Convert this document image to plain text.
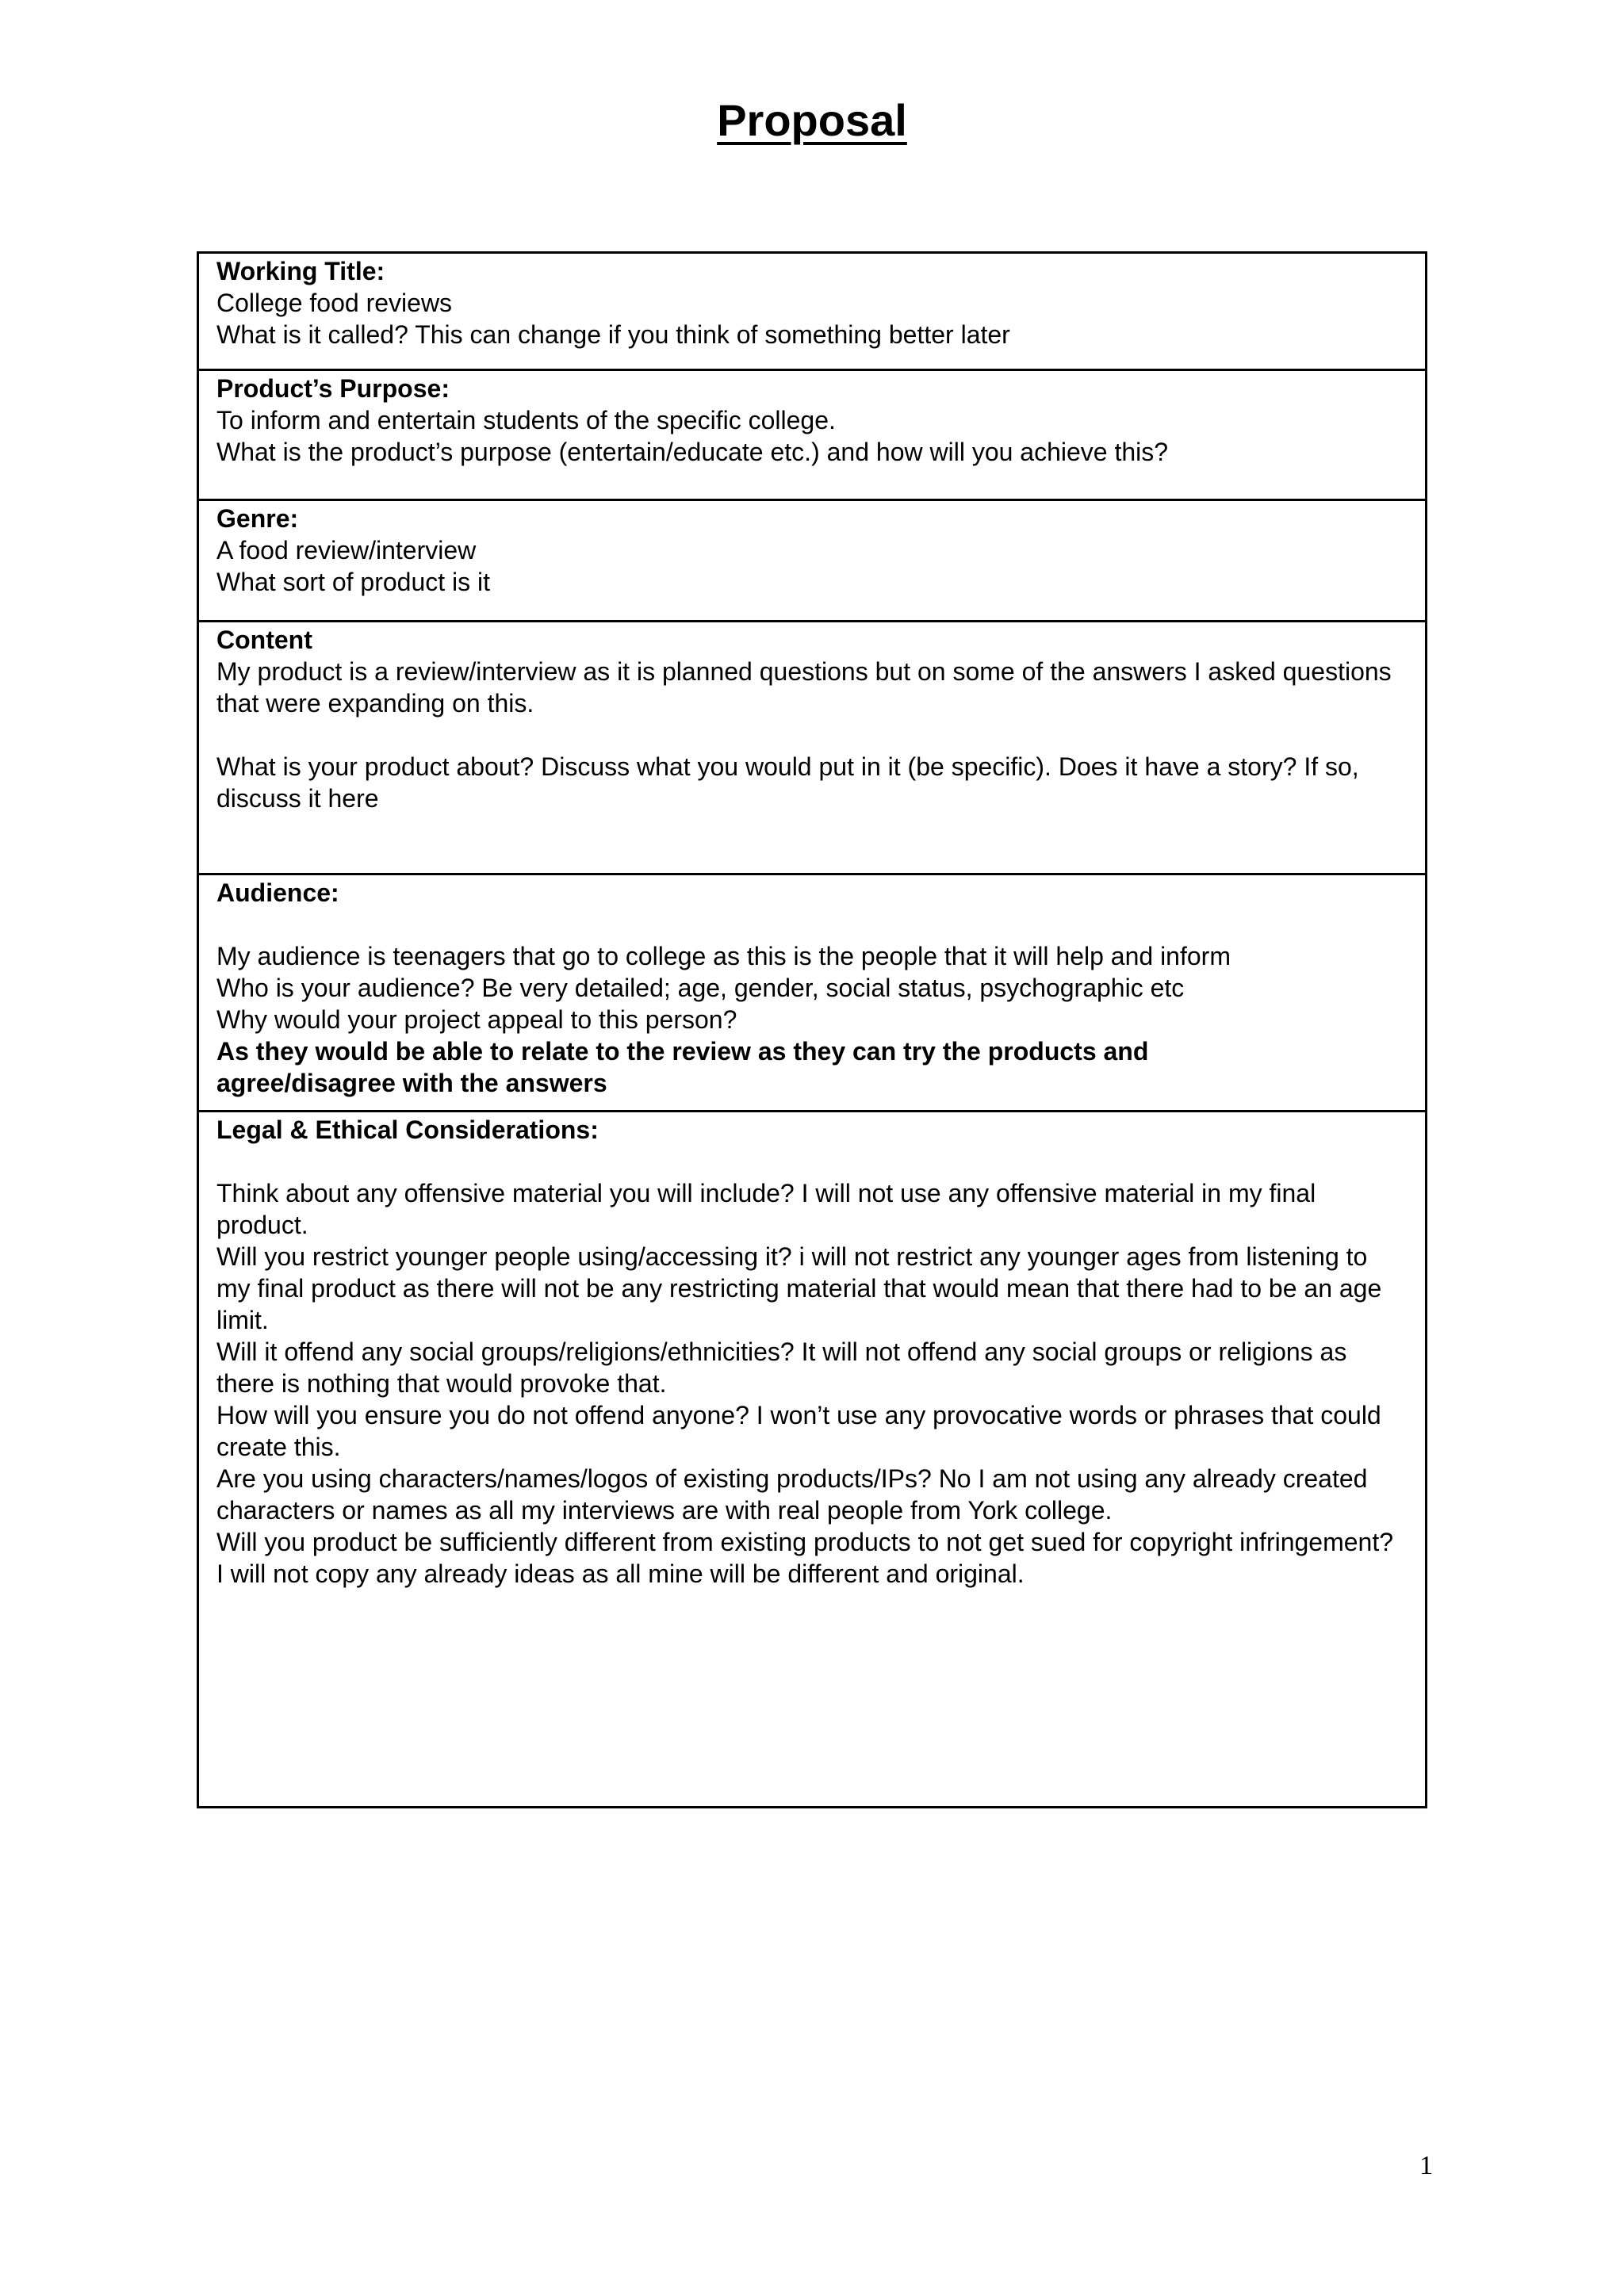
Proposal
Working Title:
College food reviews
What is it called? This can change if you think of something better later
Product’s Purpose:
To inform and entertain students of the specific college.
What is the product’s purpose (entertain/educate etc.) and how will you achieve this?
Genre:
A food review/interview
What sort of product is it
Content
My product is a review/interview as it is planned questions but on some of the answers I asked questions that were expanding on this.
What is your product about? Discuss what you would put in it (be specific). Does it have a story? If so, discuss it here
Audience:
My audience is teenagers that go to college as this is the people that it will help and inform
Who is your audience? Be very detailed; age, gender, social status, psychographic etc
Why would your project appeal to this person?
As they would be able to relate to the review as they can try the products and
agree/disagree with the answers
Legal & Ethical Considerations:
Think about any offensive material you will include? I will not use any offensive material in my final product.
Will you restrict younger people using/accessing it? i will not restrict any younger ages from listening to my final product as there will not be any restricting material that would mean that there had to be an age limit.
Will it offend any social groups/religions/ethnicities? It will not offend any social groups or religions as there is nothing that would provoke that.
How will you ensure you do not offend anyone? I won’t use any provocative words or phrases that could create this.
Are you using characters/names/logos of existing products/IPs? No I am not using any already created characters or names as all my interviews are with real people from York college.
Will you product be sufficiently different from existing products to not get sued for copyright infringement? I will not copy any already ideas as all mine will be different and original.
1
